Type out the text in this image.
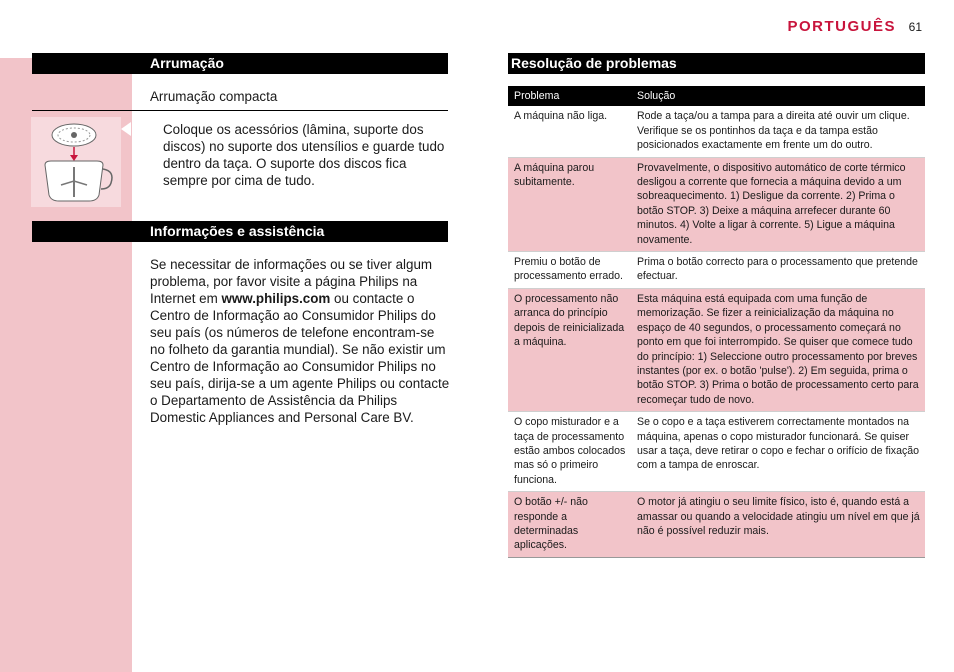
PORTUGUÊS 61
Arrumação
Arrumação compacta
Coloque os acessórios (lâmina, suporte dos discos) no suporte dos utensílios e guarde tudo dentro da taça. O suporte dos discos fica sempre por cima de tudo.
Informações e assistência
Se necessitar de informações ou se tiver algum problema, por favor visite a página Philips na Internet em www.philips.com ou contacte o Centro de Informação ao Consumidor Philips do seu país (os números de telefone encontram-se no folheto da garantia mundial). Se não existir um Centro de Informação ao Consumidor Philips no seu país, dirija-se a um agente Philips ou contacte o Departamento de Assistência da Philips Domestic Appliances and Personal Care BV.
Resolução de problemas
Problema	Solução
A máquina não liga.	Rode a taça/ou a tampa para a direita até ouvir um clique. Verifique se os pontinhos da taça e da tampa estão posicionados exactamente em frente um do outro.
A máquina parou subitamente.	Provavelmente, o dispositivo automático de corte térmico desligou a corrente que fornecia a máquina devido a um sobreaquecimento. 1) Desligue da corrente. 2) Prima o botão STOP. 3) Deixe a máquina arrefecer durante 60 minutos. 4) Volte a ligar à corrente. 5) Ligue a máquina novamente.
Premiu o botão de processamento errado.	Prima o botão correcto para o processamento que pretende efectuar.
O processamento não arranca do princípio depois de reinicializada a máquina.	Esta máquina está equipada com uma função de memorização. Se fizer a reinicialização da máquina no espaço de 40 segundos, o processamento começará no ponto em que foi interrompido. Se quiser que comece tudo do princípio: 1) Seleccione outro processamento por breves instantes (por ex. o botão 'pulse'). 2) Em seguida, prima o botão STOP. 3) Prima o botão de processamento certo para recomeçar tudo de novo.
O copo misturador e a taça de processamento estão ambos colocados mas só o primeiro funciona.	Se o copo e a taça estiverem correctamente montados na máquina, apenas o copo misturador funcionará. Se quiser usar a taça, deve retirar o copo e fechar o orifício de fixação com a tampa de enroscar.
O botão +/- não responde a determinadas aplicações.	O motor já atingiu o seu limite físico, isto é, quando está a amassar ou quando a velocidade atingiu um nível em que já não é possível reduzir mais.
